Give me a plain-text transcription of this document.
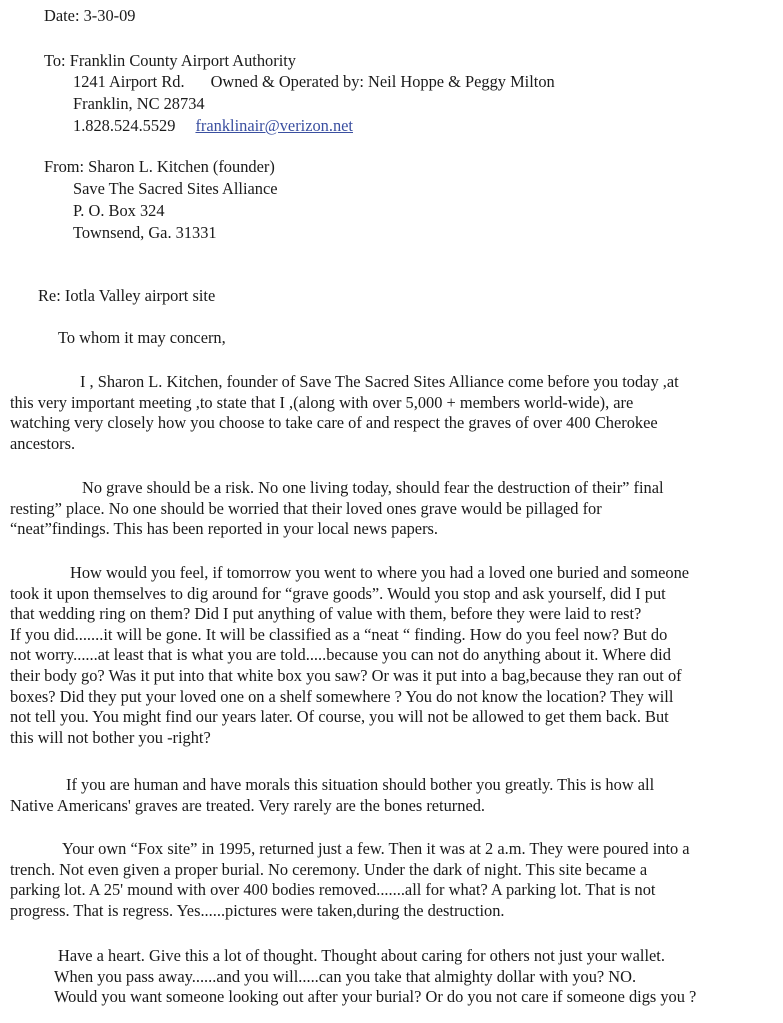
Date: 3-30-09
To: Franklin County Airport Authority
1241 Airport Rd. Owned & Operated by: Neil Hoppe & Peggy Milton
Franklin, NC 28734
1.828.524.5529 franklinair@verizon.net
From: Sharon L. Kitchen (founder)
Save The Sacred Sites Alliance
P. O. Box 324
Townsend, Ga. 31331
Re: Iotla Valley airport site
To whom it may concern,
I , Sharon L. Kitchen, founder of Save The Sacred Sites Alliance come before you today ,at
this very important meeting ,to state that I ,(along with over 5,000 + members world-wide), are
watching very closely how you choose to take care of and respect the graves of over 400 Cherokee
ancestors.
No grave should be a risk. No one living today, should fear the destruction of their” final
resting” place. No one should be worried that their loved ones grave would be pillaged for
“neat”findings. This has been reported in your local news papers.
How would you feel, if tomorrow you went to where you had a loved one buried and someone
took it upon themselves to dig around for “grave goods”. Would you stop and ask yourself, did I put
that wedding ring on them? Did I put anything of value with them, before they were laid to rest?
If you did.......it will be gone. It will be classified as a “neat “ finding. How do you feel now? But do
not worry......at least that is what you are told.....because you can not do anything about it. Where did
their body go? Was it put into that white box you saw? Or was it put into a bag,because they ran out of
boxes? Did they put your loved one on a shelf somewhere ? You do not know the location? They will
not tell you. You might find our years later. Of course, you will not be allowed to get them back. But
this will not bother you -right?
If you are human and have morals this situation should bother you greatly. This is how all
Native Americans' graves are treated. Very rarely are the bones returned.
Your own “Fox site” in 1995, returned just a few. Then it was at 2 a.m. They were poured into a
trench. Not even given a proper burial. No ceremony. Under the dark of night. This site became a
parking lot. A 25' mound with over 400 bodies removed.......all for what? A parking lot. That is not
progress. That is regress. Yes......pictures were taken,during the destruction.
Have a heart. Give this a lot of thought. Thought about caring for others not just your wallet.
When you pass away......and you will.....can you take that almighty dollar with you? NO.
Would you want someone looking out after your burial? Or do you not care if someone digs you ?
